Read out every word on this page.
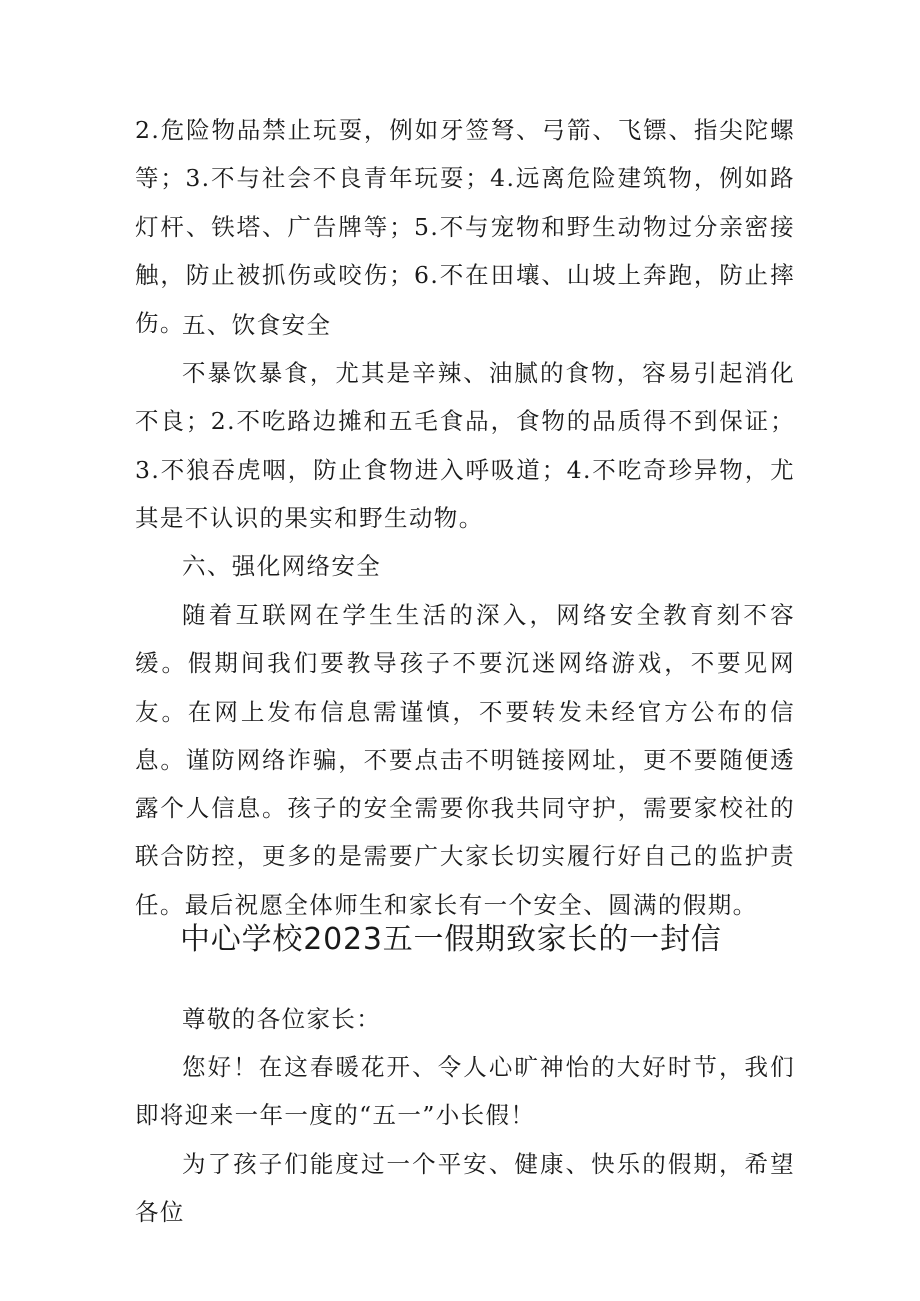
2.危险物品禁止玩耍，例如牙签弩、弓箭、飞镖、指尖陀螺等；3.不与社会不良青年玩耍；4.远离危险建筑物，例如路灯杆、铁塔、广告牌等；5.不与宠物和野生动物过分亲密接触，防止被抓伤或咬伤；6.不在田壤、山坡上奔跑，防止摔伤。

五、饮食安全

不暴饮暴食，尤其是辛辣、油腻的食物，容易引起消化不良；2.不吃路边摊和五毛食品，食物的品质得不到保证；3.不狼吞虎咽，防止食物进入呼吸道；4.不吃奇珍异物，尤其是不认识的果实和野生动物。

六、强化网络安全

随着互联网在学生生活的深入，网络安全教育刻不容缓。假期间我们要教导孩子不要沉迷网络游戏，不要见网友。在网上发布信息需谨慎，不要转发未经官方公布的信息。谨防网络诈骗，不要点击不明链接网址，更不要随便透露个人信息。孩子的安全需要你我共同守护，需要家校社的联合防控，更多的是需要广大家长切实履行好自己的监护责任。最后祝愿全体师生和家长有一个安全、圆满的假期。

中心学校2023五一假期致家长的一封信

尊敬的各位家长：

您好！在这春暖花开、令人心旷神怡的大好时节，我们即将迎来一年一度的“五一”小长假！

为了孩子们能度过一个平安、健康、快乐的假期，希望各位
